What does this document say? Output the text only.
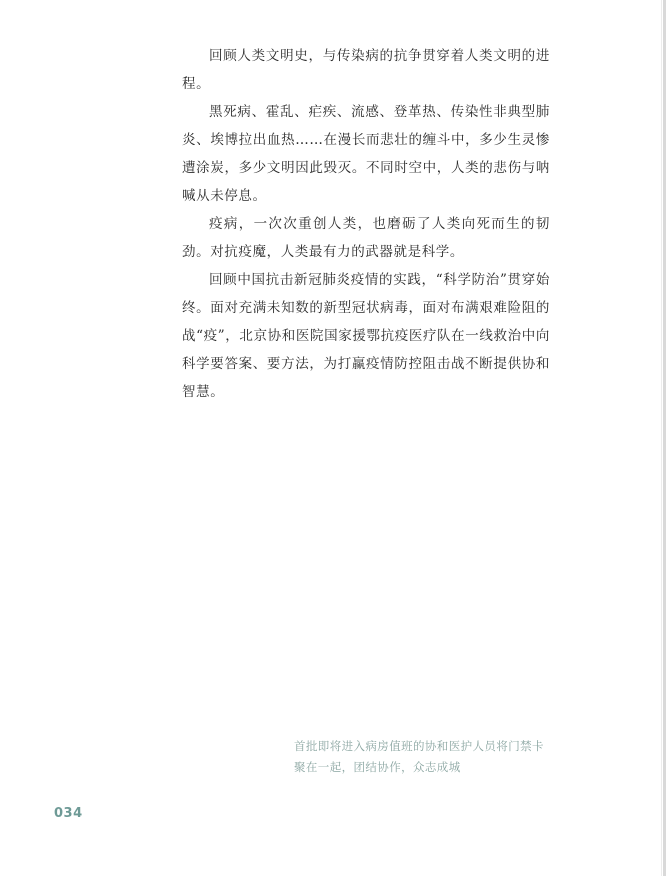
回顾人类文明史，与传染病的抗争贯穿着人类文明的进程。

黑死病、霍乱、疟疾、流感、登革热、传染性非典型肺炎、埃博拉出血热……在漫长而悲壮的缠斗中，多少生灵惨遭涂炭，多少文明因此毁灭。不同时空中，人类的悲伤与呐喊从未停息。

疫病，一次次重创人类，也磨砺了人类向死而生的韧劲。对抗疫魔，人类最有力的武器就是科学。

回顾中国抗击新冠肺炎疫情的实践，“科学防治”贯穿始终。面对充满未知数的新型冠状病毒，面对布满艰难险阻的战“疫”，北京协和医院国家援鄂抗疫医疗队在一线救治中向科学要答案、要方法，为打赢疫情防控阻击战不断提供协和智慧。

首批即将进入病房值班的协和医护人员将门禁卡
聚在一起，团结协作，众志成城
034
